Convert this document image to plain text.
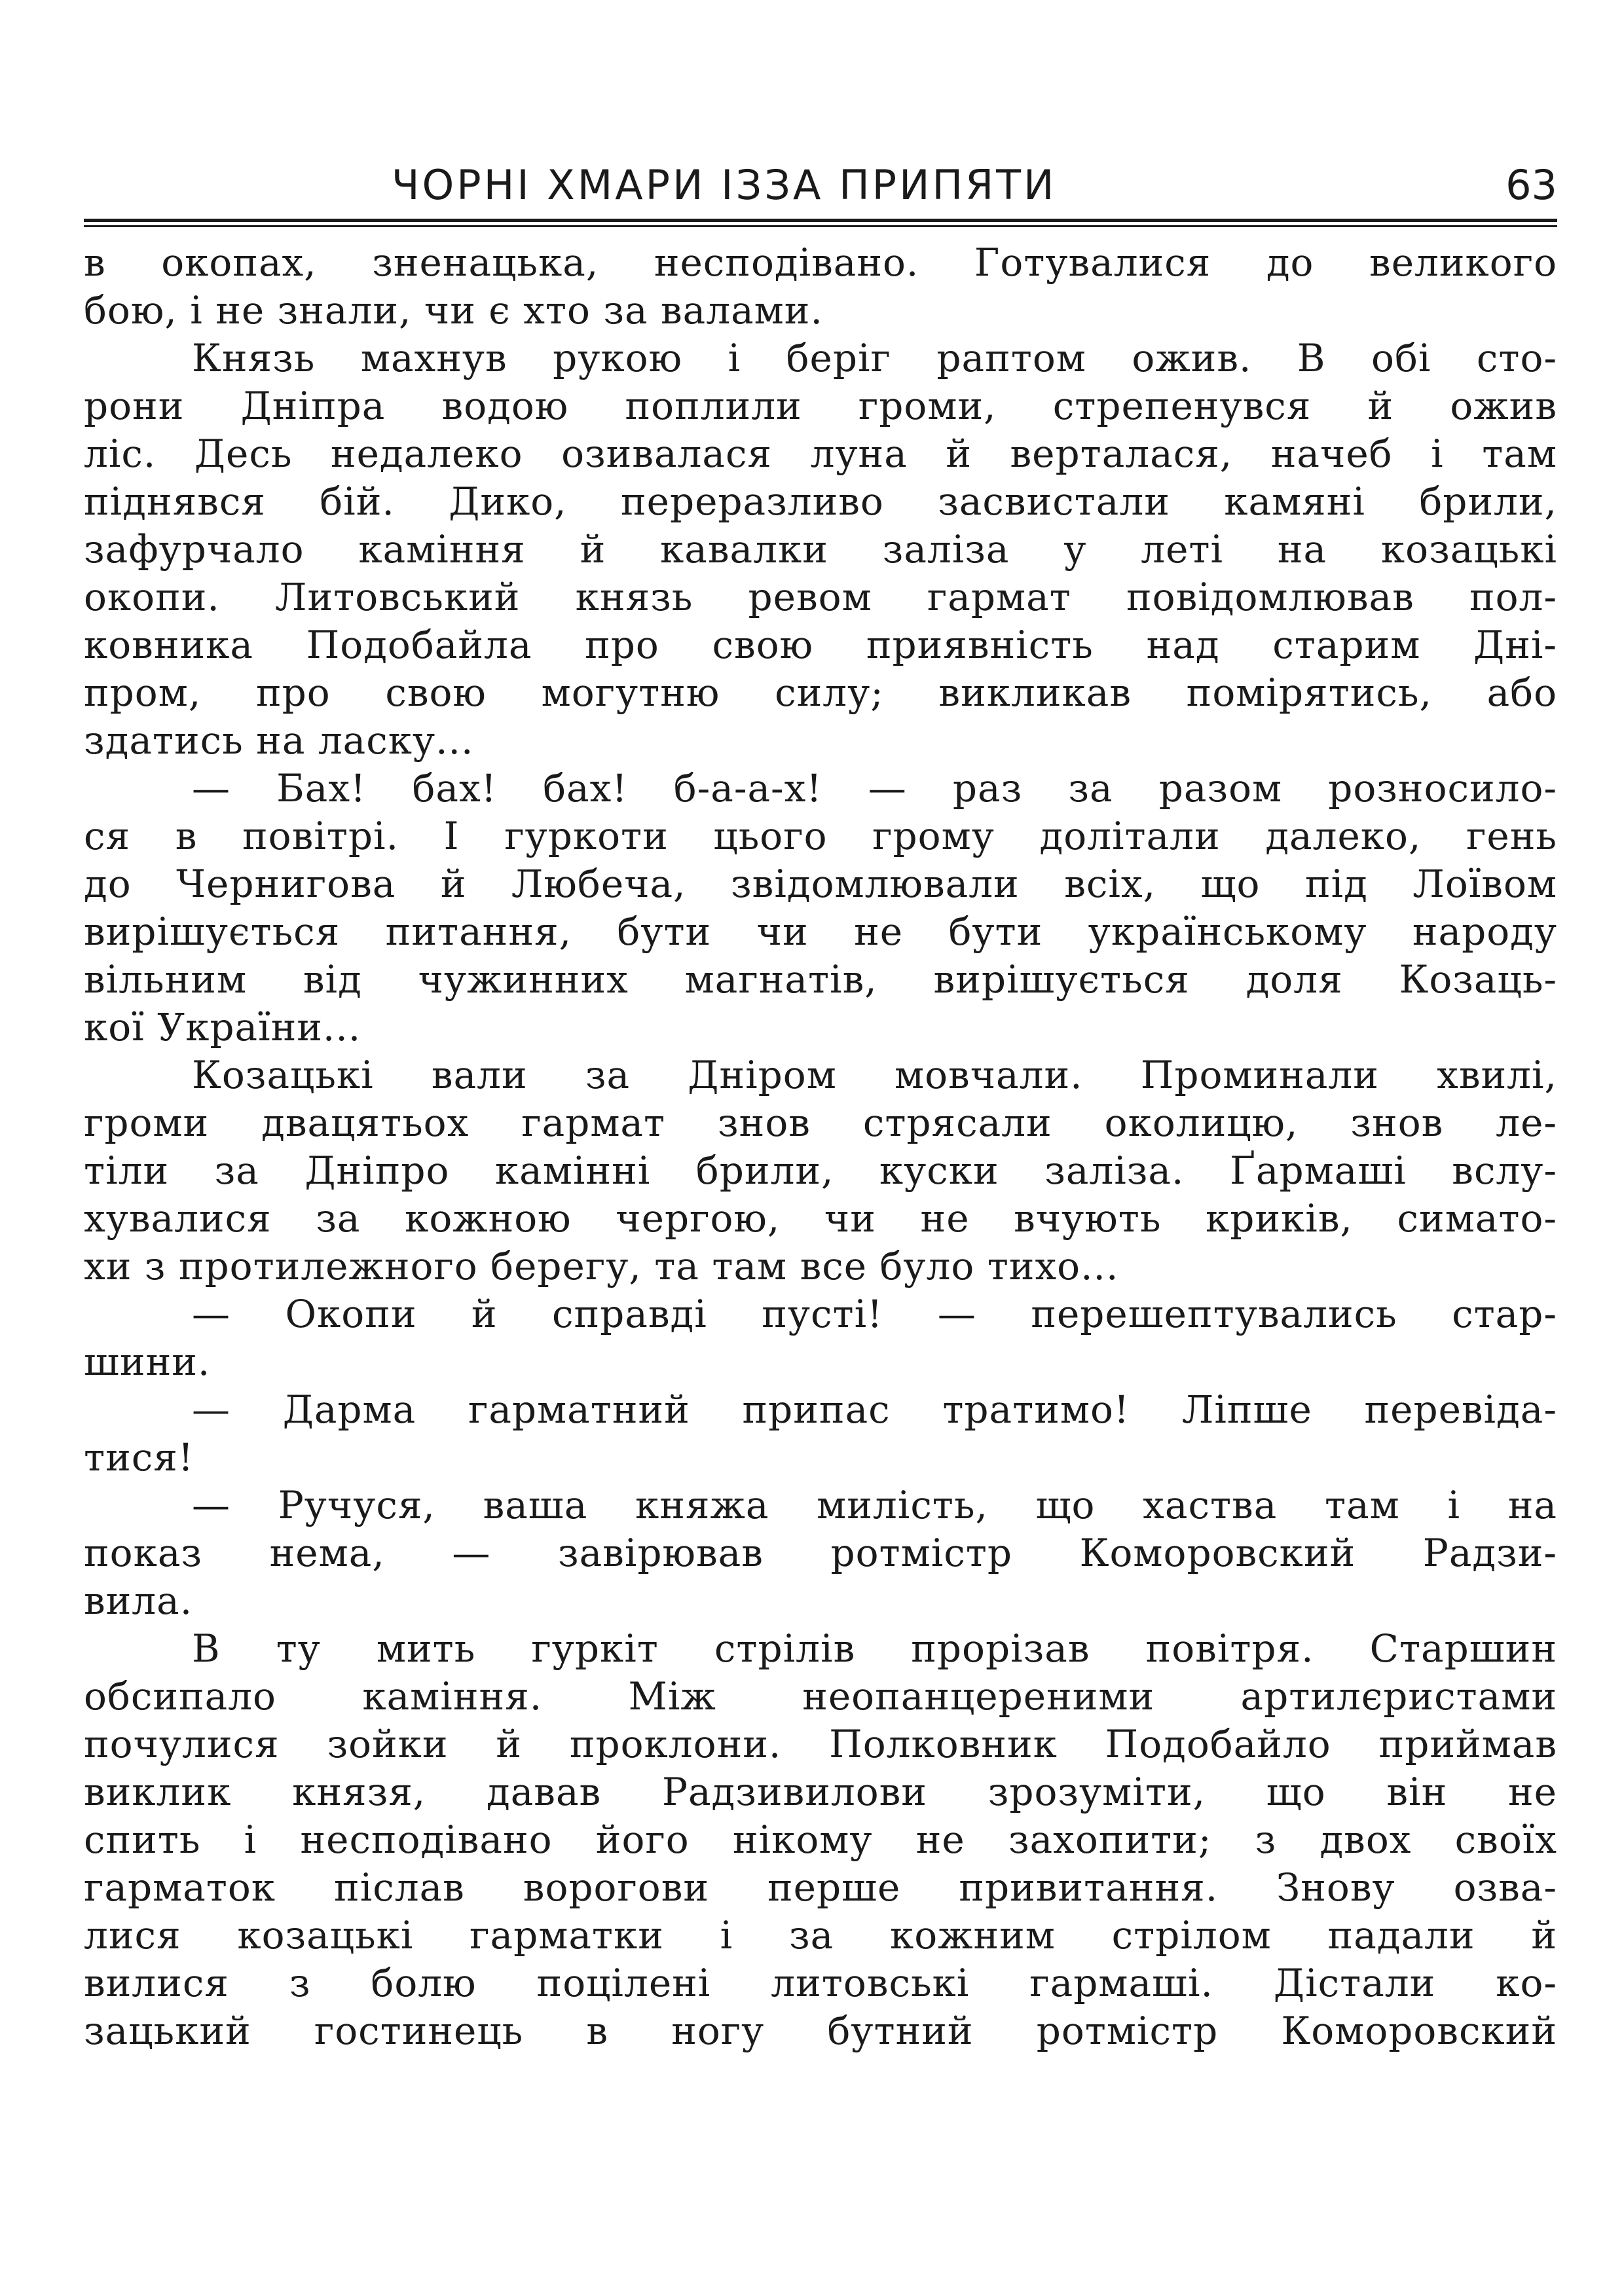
ЧОРНІ ХМАРИ ІЗЗА ПРИПЯТИ	63
в окопах, зненацька, несподівано. Готувалися до великого
бою, і не знали, чи є хто за валами.
Князь махнув рукою і беріг раптом ожив. В обі сто-
рони Дніпра водою поплили громи, стрепенувся й ожив
ліс. Десь недалеко озивалася луна й верталася, начеб і там
піднявся бій. Дико, переразливо засвистали камяні брили,
зафурчало каміння й кавалки заліза у леті на козацькі
окопи. Литовський князь ревом гармат повідомлював пол-
ковника Подобайла про свою приявність над старим Дні-
пром, про свою могутню силу; викликав помірятись, або
здатись на ласку...
— Бах! бах! бах! б-а-а-х! — раз за разом розносило-
ся в повітрі. І гуркоти цього грому долітали далеко, гень
до Чернигова й Любеча, звідомлювали всіх, що під Лоївом
вирішується питання, бути чи не бути українському народу
вільним від чужинних магнатів, вирішується доля Козаць-
кої України...
Козацькі вали за Дніром мовчали. Проминали хвилі,
громи двацятьох гармат знов стрясали околицю, знов ле-
тіли за Дніпро камінні брили, куски заліза. Ґармаші вслу-
хувалися за кожною чергою, чи не вчують криків, симато-
хи з протилежного берегу, та там все було тихо...
— Окопи й справді пусті! — перешептувались стар-
шини.
— Дарма гарматний припас тратимо! Ліпше перевіда-
тися!
— Ручуся, ваша княжа милість, що хаства там і на
показ нема, — завірював ротмістр Коморовский Радзи-
вила.
В ту мить гуркіт стрілів прорізав повітря. Старшин
обсипало каміння. Між неопанцереними артилєристами
почулися зойки й проклони. Полковник Подобайло приймав
виклик князя, давав Радзивилови зрозуміти, що він не
спить і несподівано його нікому не захопити; з двох своїх
гарматок післав ворогови перше привитання. Знову озва-
лися козацькі гарматки і за кожним стрілом падали й
вилися з болю поцілені литовські гармаші. Дістали ко-
зацький гостинець в ногу бутний ротмістр Коморовский
